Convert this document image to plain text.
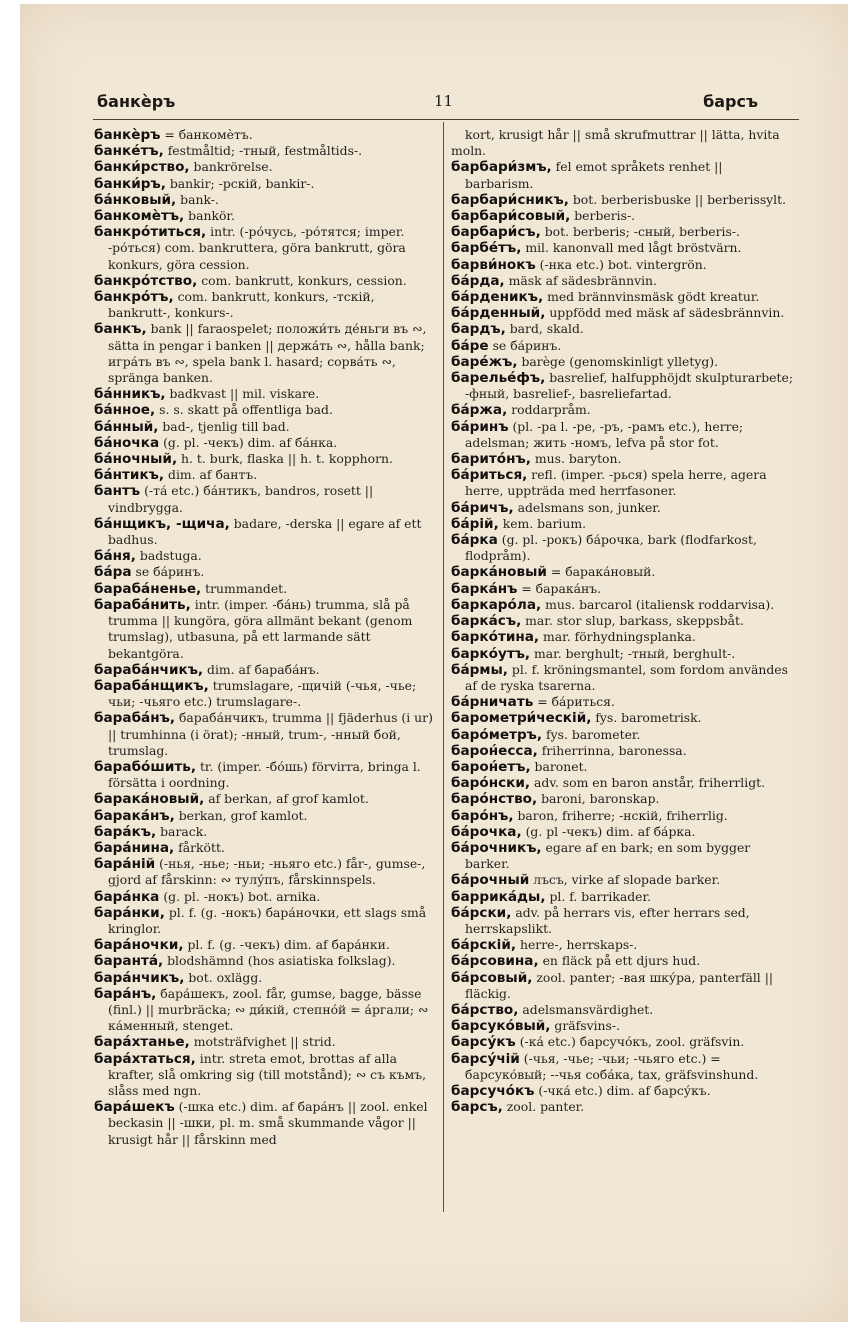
банкѐръ	11	барсъ

банкѐръ = банкомѐтъ.

банке́тъ, festmåltid; -тный, festmåltids-.

банки́рство, bankrörelse.

банки́ръ, bankir; -рскій, bankir-.

ба́нковый, bank-.

банкомѐтъ, bankör.

банкро́титься, intr. (-ро́чусь, -ро́тятся; imper. -ро́ться) com. bankruttera, göra bankrutt, göra konkurs, göra cession.

банкро́тство, com. bankrutt, konkurs, cession.

банкро́тъ, com. bankrutt, konkurs, -тскій, bankrutt-, konkurs-.

банкъ, bank || faraospelet; положи́ть де́ньги въ ∾, sätta in pengar i banken || держа́ть ∾, hålla bank; игра́ть въ ∾, spela bank l. hasard; сорва́ть ∾, spränga banken.

ба́нникъ, badkvast || mil. viskare.

ба́нное, s. s. skatt på offentliga bad.

ба́нный, bad-, tjenlig till bad.

ба́ночка (g. pl. -чекъ) dim. af ба́нка.

ба́ночный, h. t. burk, flaska || h. t. kopphorn.

ба́нтикъ, dim. af бантъ.

бантъ (-та́ etc.) ба́нтикъ, bandros, rosett || vindbrygga.

ба́нщикъ, -щича, badare, -derska || egare af ett badhus.

ба́ня, badstuga.

ба́ра se ба́ринъ.

бараба́ненье, trummandet.

бараба́нить, intr. (imper. -ба́нь) trumma, slå på trumma || kungöra, göra allmänt bekant (genom trumslag), utbasuna, på ett larmande sätt bekantgöra.

бараба́нчикъ, dim. af бараба́нъ.

бараба́нщикъ, trumslagare, -щичій (-чья, -чье; чьи; -чьяго etc.) trumslagare-.

бараба́нъ, бараба́нчикъ, trumma || fjäderhus (i ur) || trumhinna (i örat); -нный, trum-, -нный бой, trumslag.

барабо́шить, tr. (imper. -бо́шь) förvirra, bringa l. försätta i oordning.

барака́новый, af berkan, af grof kamlot.

барака́нъ, berkan, grof kamlot.

бара́къ, barack.

бара́нина, fårkött.

бара́ній (-нья, -нье; -ньи; -ньяго etc.) får-, gumse-, gjord af fårskinn: ∾ тулу́пъ, fårskinnspels.

бара́нка (g. pl. -нокъ) bot. arnika.

бара́нки, pl. f. (g. -нокъ) бара́ночки, ett slags små kringlor.

бара́ночки, pl. f. (g. -чекъ) dim. af бара́нки.

баранта́, blodshämnd (hos asiatiska folkslag).

бара́нчикъ, bot. oxlägg.

бара́нъ, бара́шекъ, zool. får, gumse, bagge, bässe (finl.) || murbräcka; ∾ ди́кій, степно́й = а́ргали; ∾ ка́менный, stenget.

бара́хтанье, motsträfvighet || strid.

бара́хтаться, intr. streta emot, brottas af alla krafter, slå omkring sig (till motstånd); ∾ съ къмъ, slåss med ngn.

бара́шекъ (-шка etc.) dim. af бара́нъ || zool. enkel beckasin || -шки, pl. m. små skummande vågor || krusigt hår || fårskinn med

kort, krusigt hår || små skrufmuttrar || lätta, hvita moln.

барбари́змъ, fel emot språkets renhet || barbarism.

барбари́сникъ, bot. berberisbuske || berberissylt.

барбари́совый, berberis-.

барбари́съ, bot. berberis; -сный, berberis-.

барбе́тъ, mil. kanonvall med lågt bröstvärn.

барви́нокъ (-нка etc.) bot. vintergrön.

ба́рда, mäsk af sädesbrännvin.

ба́рденикъ, med brännvinsmäsk gödt kreatur.

ба́рденный, uppfödd med mäsk af sädesbrännvin.

бардъ, bard, skald.

ба́ре se ба́ринъ.

баре́жъ, barège (genomskinligt ylletyg).

барелье́фъ, basrelief, halfupphöjdt skulpturarbete; -фный, basrelief-, basreliefartad.

ба́ржа, roddarpråm.

ба́ринъ (pl. -ра l. -ре, -ръ, -рамъ etc.), herre; adelsman; жить -номъ, lefva på stor fot.

барито́нъ, mus. baryton.

ба́риться, refl. (imper. -рься) spela herre, agera herre, uppträda med herrfasoner.

ба́ричъ, adelsmans son, junker.

ба́рій, kem. barium.

ба́рка (g. pl. -рокъ) ба́рочка, bark (flodfarkost, flodpråm).

барка́новый = барака́новый.

барка́нъ = барака́нъ.

баркаро́ла, mus. barcarol (italiensk roddarvisa).

барка́съ, mar. stor slup, barkass, skeppsbåt.

барко́тина, mar. förhydningsplanka.

барко́утъ, mar. berghult; -тный, berghult-.

ба́рмы, pl. f. kröningsmantel, som fordom användes af de ryska tsarerna.

ба́рничать = ба́риться.

барометри́ческій, fys. barometrisk.

баро́метръ, fys. barometer.

барон́есса, friherrinna, baronessa.

барон́етъ, baronet.

баро́нски, adv. som en baron anstår, friherrligt.

баро́нство, baroni, baronskap.

баро́нъ, baron, friherre; -нскій, friherrlig.

ба́рочка, (g. pl -чекъ) dim. af ба́рка.

ба́рочникъ, egare af en bark; en som bygger barker.

ба́рочный лъсъ, virke af slopade barker.

баррика́ды, pl. f. barrikader.

ба́рски, adv. på herrars vis, efter herrars sed, herrskapslikt.

ба́рскій, herre-, herrskaps-.

ба́рсовина, en fläck på ett djurs hud.

ба́рсовый, zool. panter; -вая шку́ра, panterfäll || fläckig.

ба́рство, adelsmansvärdighet.

барсуко́вый, gräfsvins-.

барсу́къ (-ка́ etc.) барсучо́къ, zool. gräfsvin.

барсу́чій (-чья, -чье; -чьи; -чьяго etc.) = барсуко́вый; --чья соба́ка, tax, gräfsvinshund.

барсучо́къ (-чка́ etc.) dim. af барсу́къ.

барсъ, zool. panter.
